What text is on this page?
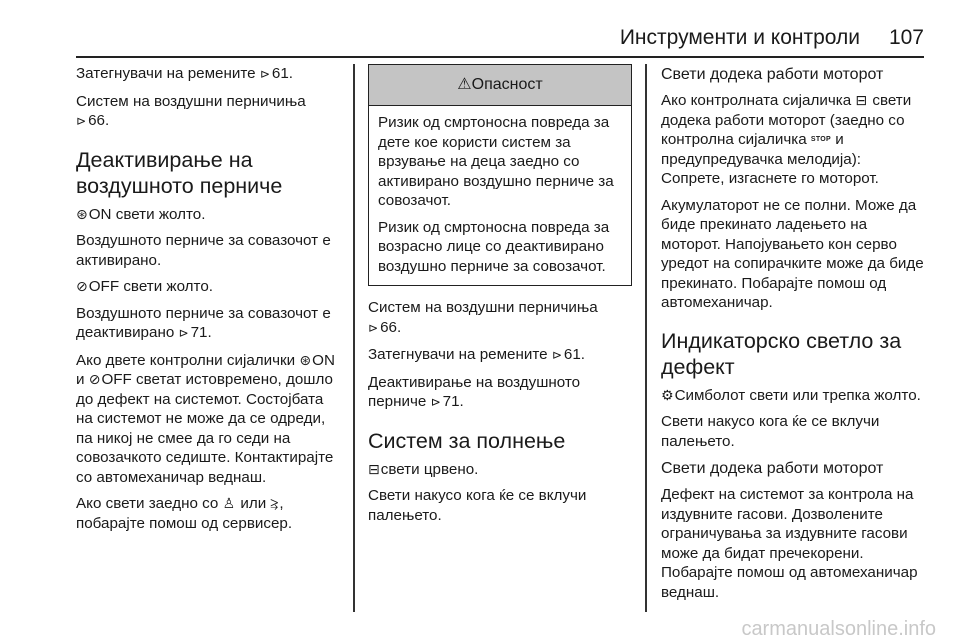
Инструменти и контроли 107

Затегнувачи на ремените ⊳ 61.

Систем на воздушни перничиња
⊳ 66.

Деактивирање на воздушното перниче

⊛ON свети жолто.

Воздушното перниче за совазочот е активирано.

⊘OFF свети жолто.

Воздушното перниче за совазочот е деактивирано ⊳ 71.

Ако двете контролни сијалички ⊛ON и ⊘OFF светат истовремено, дошло до дефект на системот. Состојбата на системот не може да се одреди, па никој не смее да го седи на совозачкото седиште. Контактирајте со автомеханичар веднаш.

Ако свети заедно со ♙ или ⥸, побарајте помош од сервисер.

⚠Опасност

Ризик од смртоносна повреда за дете кое користи систем за врзување на деца заедно со активирано воздушно перниче за совозачот.

Ризик од смртоносна повреда за возрасно лице со деактивирано воздушно перниче за совозачот.

Систем на воздушни перничиња
⊳ 66.

Затегнувачи на ремените ⊳ 61.

Деактивирање на воздушното перниче ⊳ 71.

Систем за полнење

⊟свети црвено.

Свети накусо кога ќе се вклучи палењето.

Свети додека работи моторот

Ако контролната сијаличка ⊟ свети додека работи моторот (заедно со контролна сијаличка STOP и предупредувачка мелодија): Сопрете, изгаснете го моторот.

Акумулаторот не се полни. Може да биде прекинато ладењето на моторот. Напојувањето кон серво уредот на сопирачките може да биде прекинато. Побарајте помош од автомеханичар.

Индикаторско светло за дефект

⚙Симболот свети или трепка жолто.

Свети накусо кога ќе се вклучи палењето.

Свети додека работи моторот

Дефект на системот за контрола на издувните гасови. Дозволените ограничувања за издувните гасови може да бидат пречекорени. Побарајте помош од автомеханичар веднаш.

carmanualsonline.info
